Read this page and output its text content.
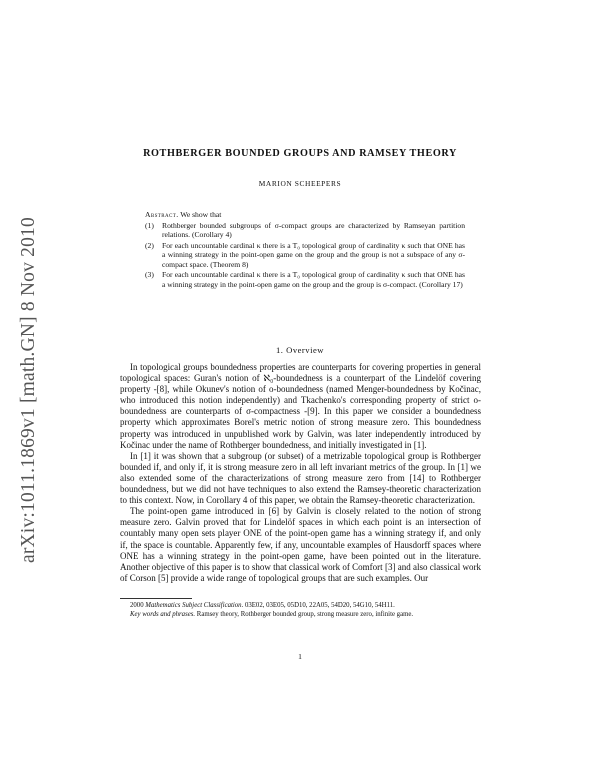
arXiv:1011.1869v1 [math.GN] 8 Nov 2010
ROTHBERGER BOUNDED GROUPS AND RAMSEY THEORY
MARION SCHEEPERS

Abstract. We show that

(1) Rothberger bounded subgroups of σ-compact groups are characterized by Ramseyan partition relations. (Corollary 4)
(2) For each uncountable cardinal κ there is a T₀ topological group of cardinality κ such that ONE has a winning strategy in the point-open game on the group and the group is not a subspace of any σ-compact space. (Theorem 8)
(3) For each uncountable cardinal κ there is a T₀ topological group of cardinality κ such that ONE has a winning strategy in the point-open game on the group and the group is σ-compact. (Corollary 17)
1. Overview

In topological groups boundedness properties are counterparts for covering properties in general topological spaces: Guran's notion of ℵ₀-boundedness is a counterpart of the Lindelöf covering property -[8], while Okunev's notion of o-boundedness (named Menger-boundedness by Kočinac, who introduced this notion independently) and Tkachenko's corresponding property of strict o-boundedness are counterparts of σ-compactness -[9]. In this paper we consider a boundedness property which approximates Borel's metric notion of strong measure zero. This boundedness property was introduced in unpublished work by Galvin, was later independently introduced by Kočinac under the name of Rothberger boundedness, and initially investigated in [1].

In [1] it was shown that a subgroup (or subset) of a metrizable topological group is Rothberger bounded if, and only if, it is strong measure zero in all left invariant metrics of the group. In [1] we also extended some of the characterizations of strong measure zero from [14] to Rothberger boundedness, but we did not have techniques to also extend the Ramsey-theoretic characterization to this context. Now, in Corollary 4 of this paper, we obtain the Ramsey-theoretic characterization.

The point-open game introduced in [6] by Galvin is closely related to the notion of strong measure zero. Galvin proved that for Lindelöf spaces in which each point is an intersection of countably many open sets player ONE of the point-open game has a winning strategy if, and only if, the space is countable. Apparently few, if any, uncountable examples of Hausdorff spaces where ONE has a winning strategy in the point-open game, have been pointed out in the literature. Another objective of this paper is to show that classical work of Comfort [3] and also classical work of Corson [5] provide a wide range of topological groups that are such examples. Our

2000 Mathematics Subject Classification. 03E02, 03E05, 05D10, 22A05, 54D20, 54G10, 54H11.

Key words and phrases. Ramsey theory, Rothberger bounded group, strong measure zero, infinite game.

1
